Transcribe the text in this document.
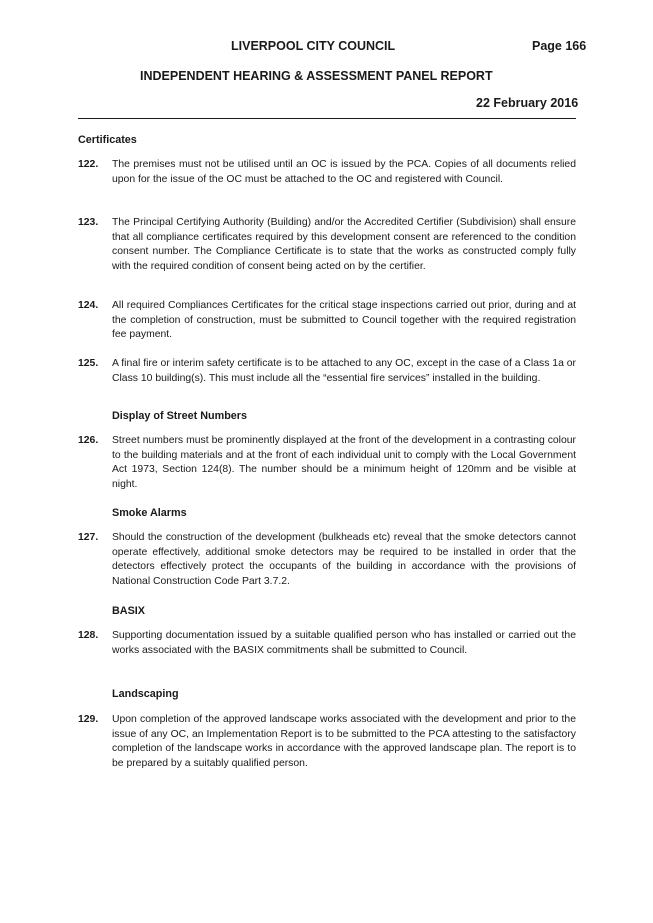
LIVERPOOL CITY COUNCIL	Page 166
INDEPENDENT HEARING & ASSESSMENT PANEL REPORT
22 February 2016
Certificates
122. The premises must not be utilised until an OC is issued by the PCA. Copies of all documents relied upon for the issue of the OC must be attached to the OC and registered with Council.
123. The Principal Certifying Authority (Building) and/or the Accredited Certifier (Subdivision) shall ensure that all compliance certificates required by this development consent are referenced to the condition consent number. The Compliance Certificate is to state that the works as constructed comply fully with the required condition of consent being acted on by the certifier.
124. All required Compliances Certificates for the critical stage inspections carried out prior, during and at the completion of construction, must be submitted to Council together with the required registration fee payment.
125. A final fire or interim safety certificate is to be attached to any OC, except in the case of a Class 1a or Class 10 building(s). This must include all the “essential fire services” installed in the building.
Display of Street Numbers
126. Street numbers must be prominently displayed at the front of the development in a contrasting colour to the building materials and at the front of each individual unit to comply with the Local Government Act 1973, Section 124(8). The number should be a minimum height of 120mm and be visible at night.
Smoke Alarms
127. Should the construction of the development (bulkheads etc) reveal that the smoke detectors cannot operate effectively, additional smoke detectors may be required to be installed in order that the detectors effectively protect the occupants of the building in accordance with the provisions of National Construction Code Part 3.7.2.
BASIX
128. Supporting documentation issued by a suitable qualified person who has installed or carried out the works associated with the BASIX commitments shall be submitted to Council.
Landscaping
129. Upon completion of the approved landscape works associated with the development and prior to the issue of any OC, an Implementation Report is to be submitted to the PCA attesting to the satisfactory completion of the landscape works in accordance with the approved landscape plan. The report is to be prepared by a suitably qualified person.
